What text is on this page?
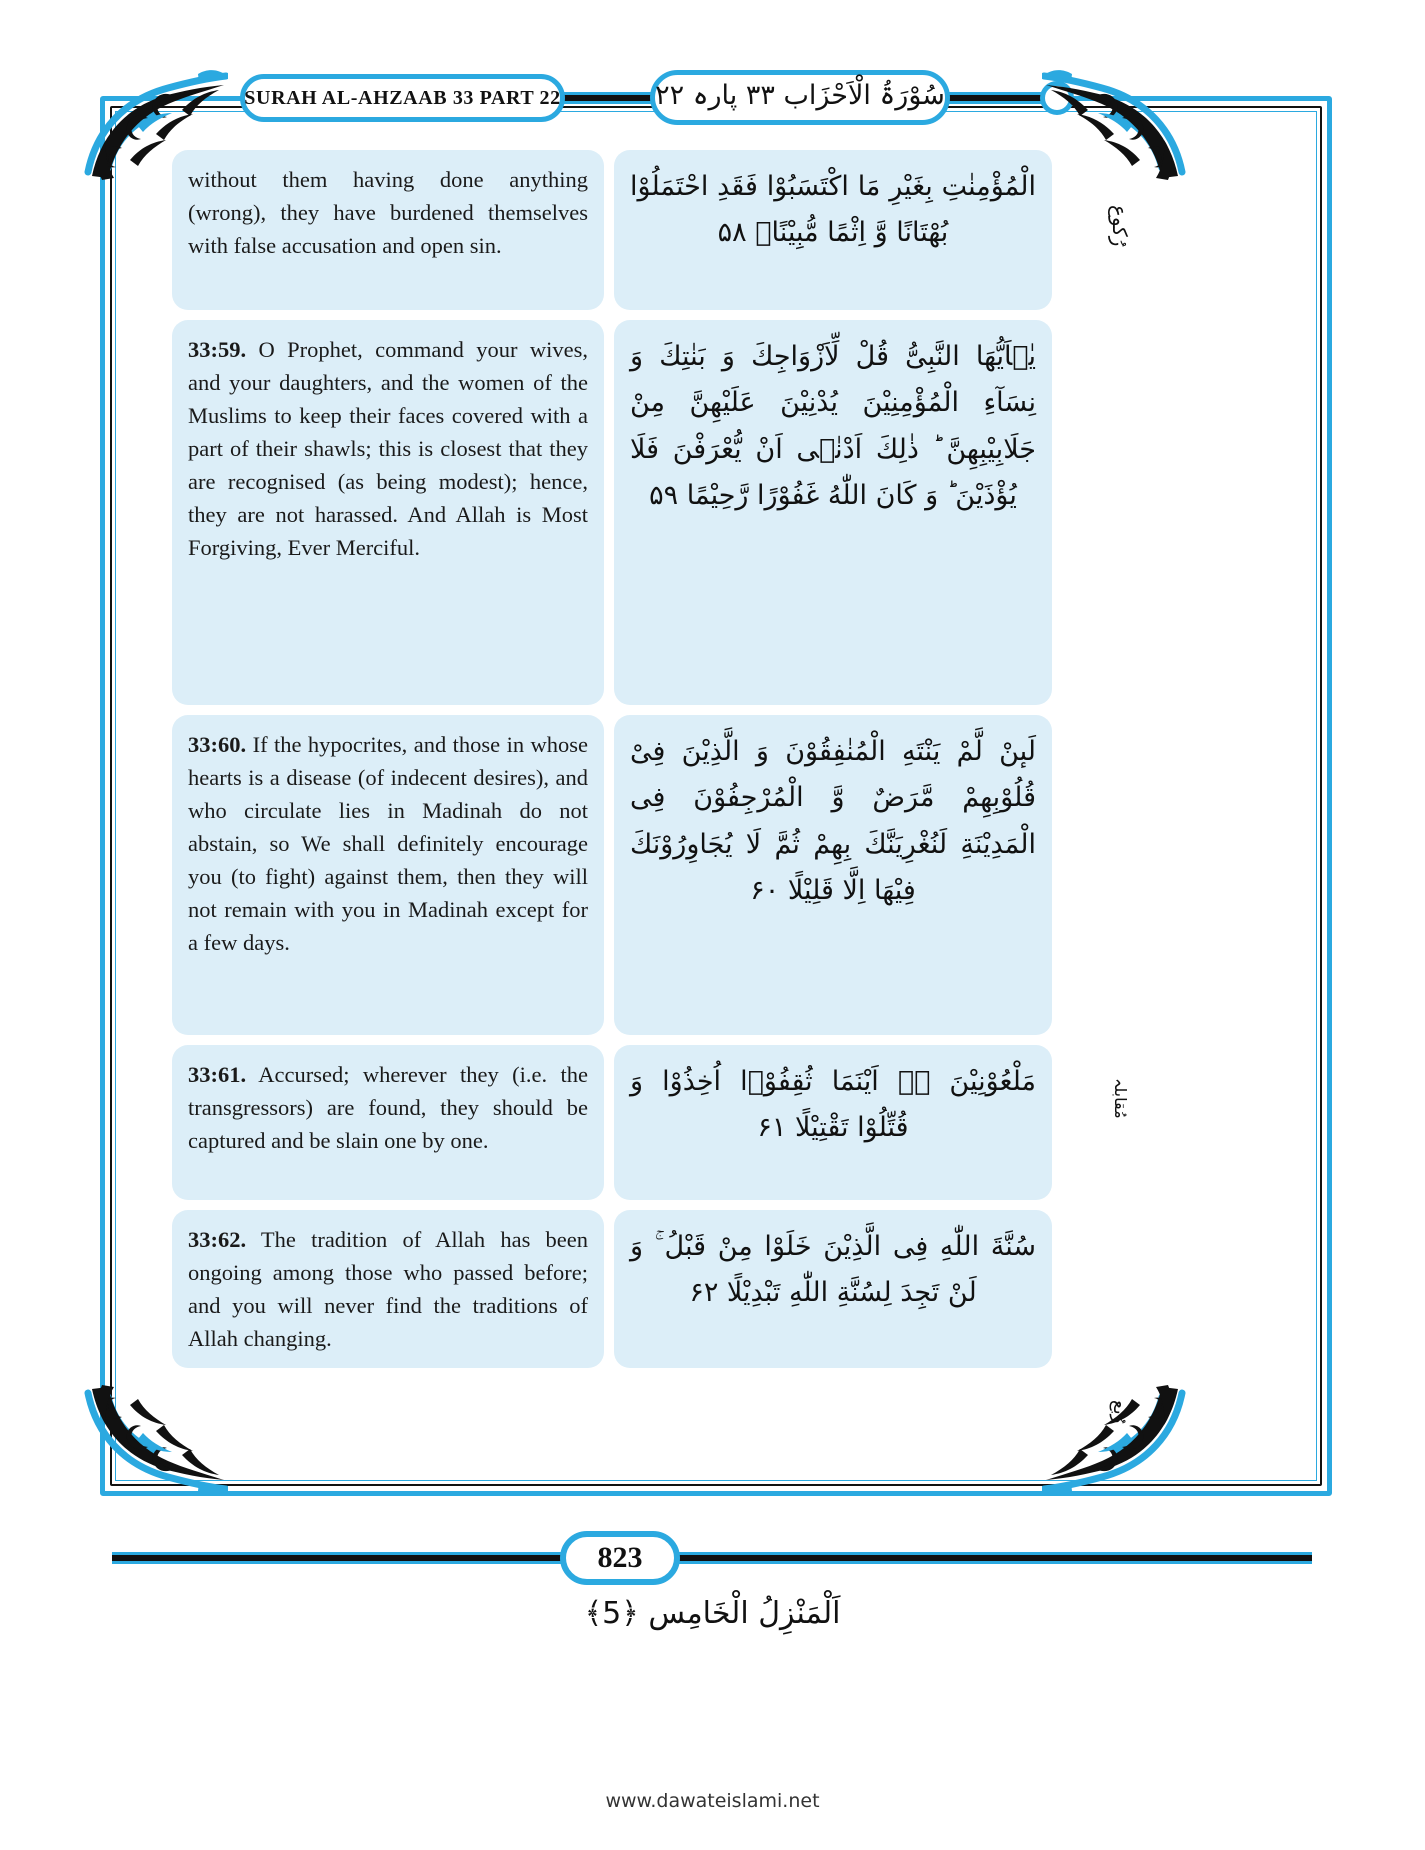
SURAH AL-AHZAAB 33 PART 22	سُوْرَۃُ الْاَحْزَاب ۳۳ پارہ ۲۲
without them having done anything (wrong), they have burdened themselves with false accusation and open sin.
الْمُؤْمِنٰتِ بِغَیْرِ مَا اكْتَسَبُوْا فَقَدِ احْتَمَلُوْا بُهْتَانًا وَّ اِثْمًا مُّبِیْنًا۠ ۵۸
33:59. O Prophet, command your wives, and your daughters, and the women of the Muslims to keep their faces covered with a part of their shawls; this is closest that they are recognised (as being modest); hence, they are not harassed. And Allah is Most Forgiving, Ever Merciful.
یٰۤاَیُّهَا النَّبِیُّ قُلْ لِّاَزْوَاجِكَ وَ بَنٰتِكَ وَ نِسَآءِ الْمُؤْمِنِیْنَ یُدْنِیْنَ عَلَیْهِنَّ مِنْ جَلَابِیْبِهِنَّ ؕ ذٰلِكَ اَدْنٰۤى اَنْ یُّعْرَفْنَ فَلَا یُؤْذَیْنَ ؕ وَ كَانَ اللّٰهُ غَفُوْرًا رَّحِیْمًا ۵۹
33:60. If the hypocrites, and those in whose hearts is a disease (of indecent desires), and who circulate lies in Madinah do not abstain, so We shall definitely encourage you (to fight) against them, then they will not remain with you in Madinah except for a few days.
لَىٕنْ لَّمْ یَنْتَهِ الْمُنٰفِقُوْنَ وَ الَّذِیْنَ فِیْ قُلُوْبِهِمْ مَّرَضٌ وَّ الْمُرْجِفُوْنَ فِی الْمَدِیْنَةِ لَنُغْرِیَنَّكَ بِهِمْ ثُمَّ لَا یُجَاوِرُوْنَكَ فِیْهَا اِلَّا قَلِیْلًا ۶۰
33:61. Accursed; wherever they (i.e. the transgressors) are found, they should be captured and be slain one by one.
مَلْعُوْنِیْنَ ۚۛ اَیْنَمَا ثُقِفُوْۤا اُخِذُوْا وَ قُتِّلُوْا تَقْتِیْلًا ۶۱
33:62. The tradition of Allah has been ongoing among those who passed before; and you will never find the traditions of Allah changing.
سُنَّةَ اللّٰهِ فِی الَّذِیْنَ خَلَوْا مِنْ قَبْلُ ۚ وَ لَنْ تَجِدَ لِسُنَّةِ اللّٰهِ تَبْدِیْلًا ۶۲
رُکوع
مُقابلہ
رُبع
823
اَلْمَنْزِلُ الْخَامِس ﴿5﴾
www.dawateislami.net
